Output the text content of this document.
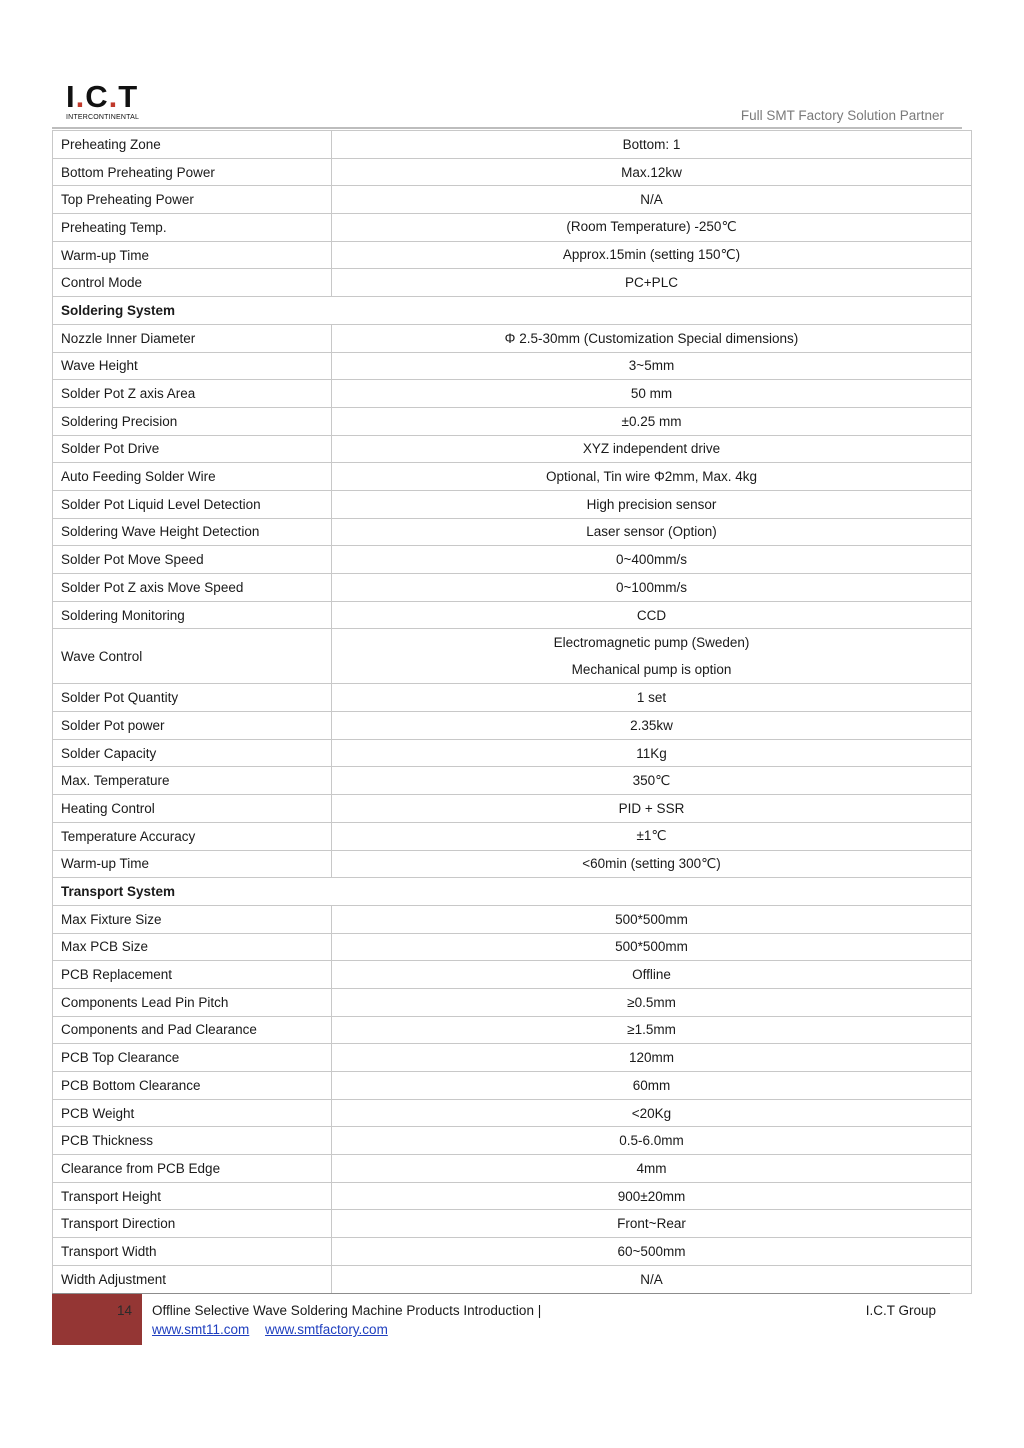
I.C.T
INTERCONTINENTAL	Full SMT Factory Solution Partner
Preheating Zone	Bottom: 1
Bottom Preheating Power	Max.12kw
Top Preheating Power	N/A
Preheating Temp.	(Room Temperature) -250℃
Warm-up Time	Approx.15min (setting 150℃)
Control Mode	PC+PLC
Soldering System	
Nozzle Inner Diameter	Φ 2.5-30mm (Customization Special dimensions)
Wave Height	3~5mm
Solder Pot Z axis Area	50 mm
Soldering Precision	±0.25 mm
Solder Pot Drive	XYZ independent drive
Auto Feeding Solder Wire	Optional, Tin wire Φ2mm, Max. 4kg
Solder Pot Liquid Level Detection	High precision sensor
Soldering Wave Height Detection	Laser sensor (Option)
Solder Pot Move Speed	0~400mm/s
Solder Pot Z axis Move Speed	0~100mm/s
Soldering Monitoring	CCD
Wave Control	Electromagnetic pump (Sweden)
Mechanical pump is option

Solder Pot Quantity	1 set
Solder Pot power	2.35kw
Solder Capacity	11Kg
Max. Temperature	350℃
Heating Control	PID + SSR
Temperature Accuracy	±1℃
Warm-up Time	<60min (setting 300℃)
Transport System	
Max Fixture Size	500*500mm
Max PCB Size	500*500mm
PCB Replacement	Offline
Components Lead Pin Pitch	≥0.5mm
Components and Pad Clearance	≥1.5mm
PCB Top Clearance	120mm
PCB Bottom Clearance	60mm
PCB Weight	<20Kg
PCB Thickness	0.5-6.0mm
Clearance from PCB Edge	4mm
Transport Height	900±20mm
Transport Direction	Front~Rear
Transport Width	60~500mm
Width Adjustment	N/A
14 Offline Selective Wave Soldering Machine Products Introduction |	I.C.T Group
www.smt11.com www.smtfactory.com
